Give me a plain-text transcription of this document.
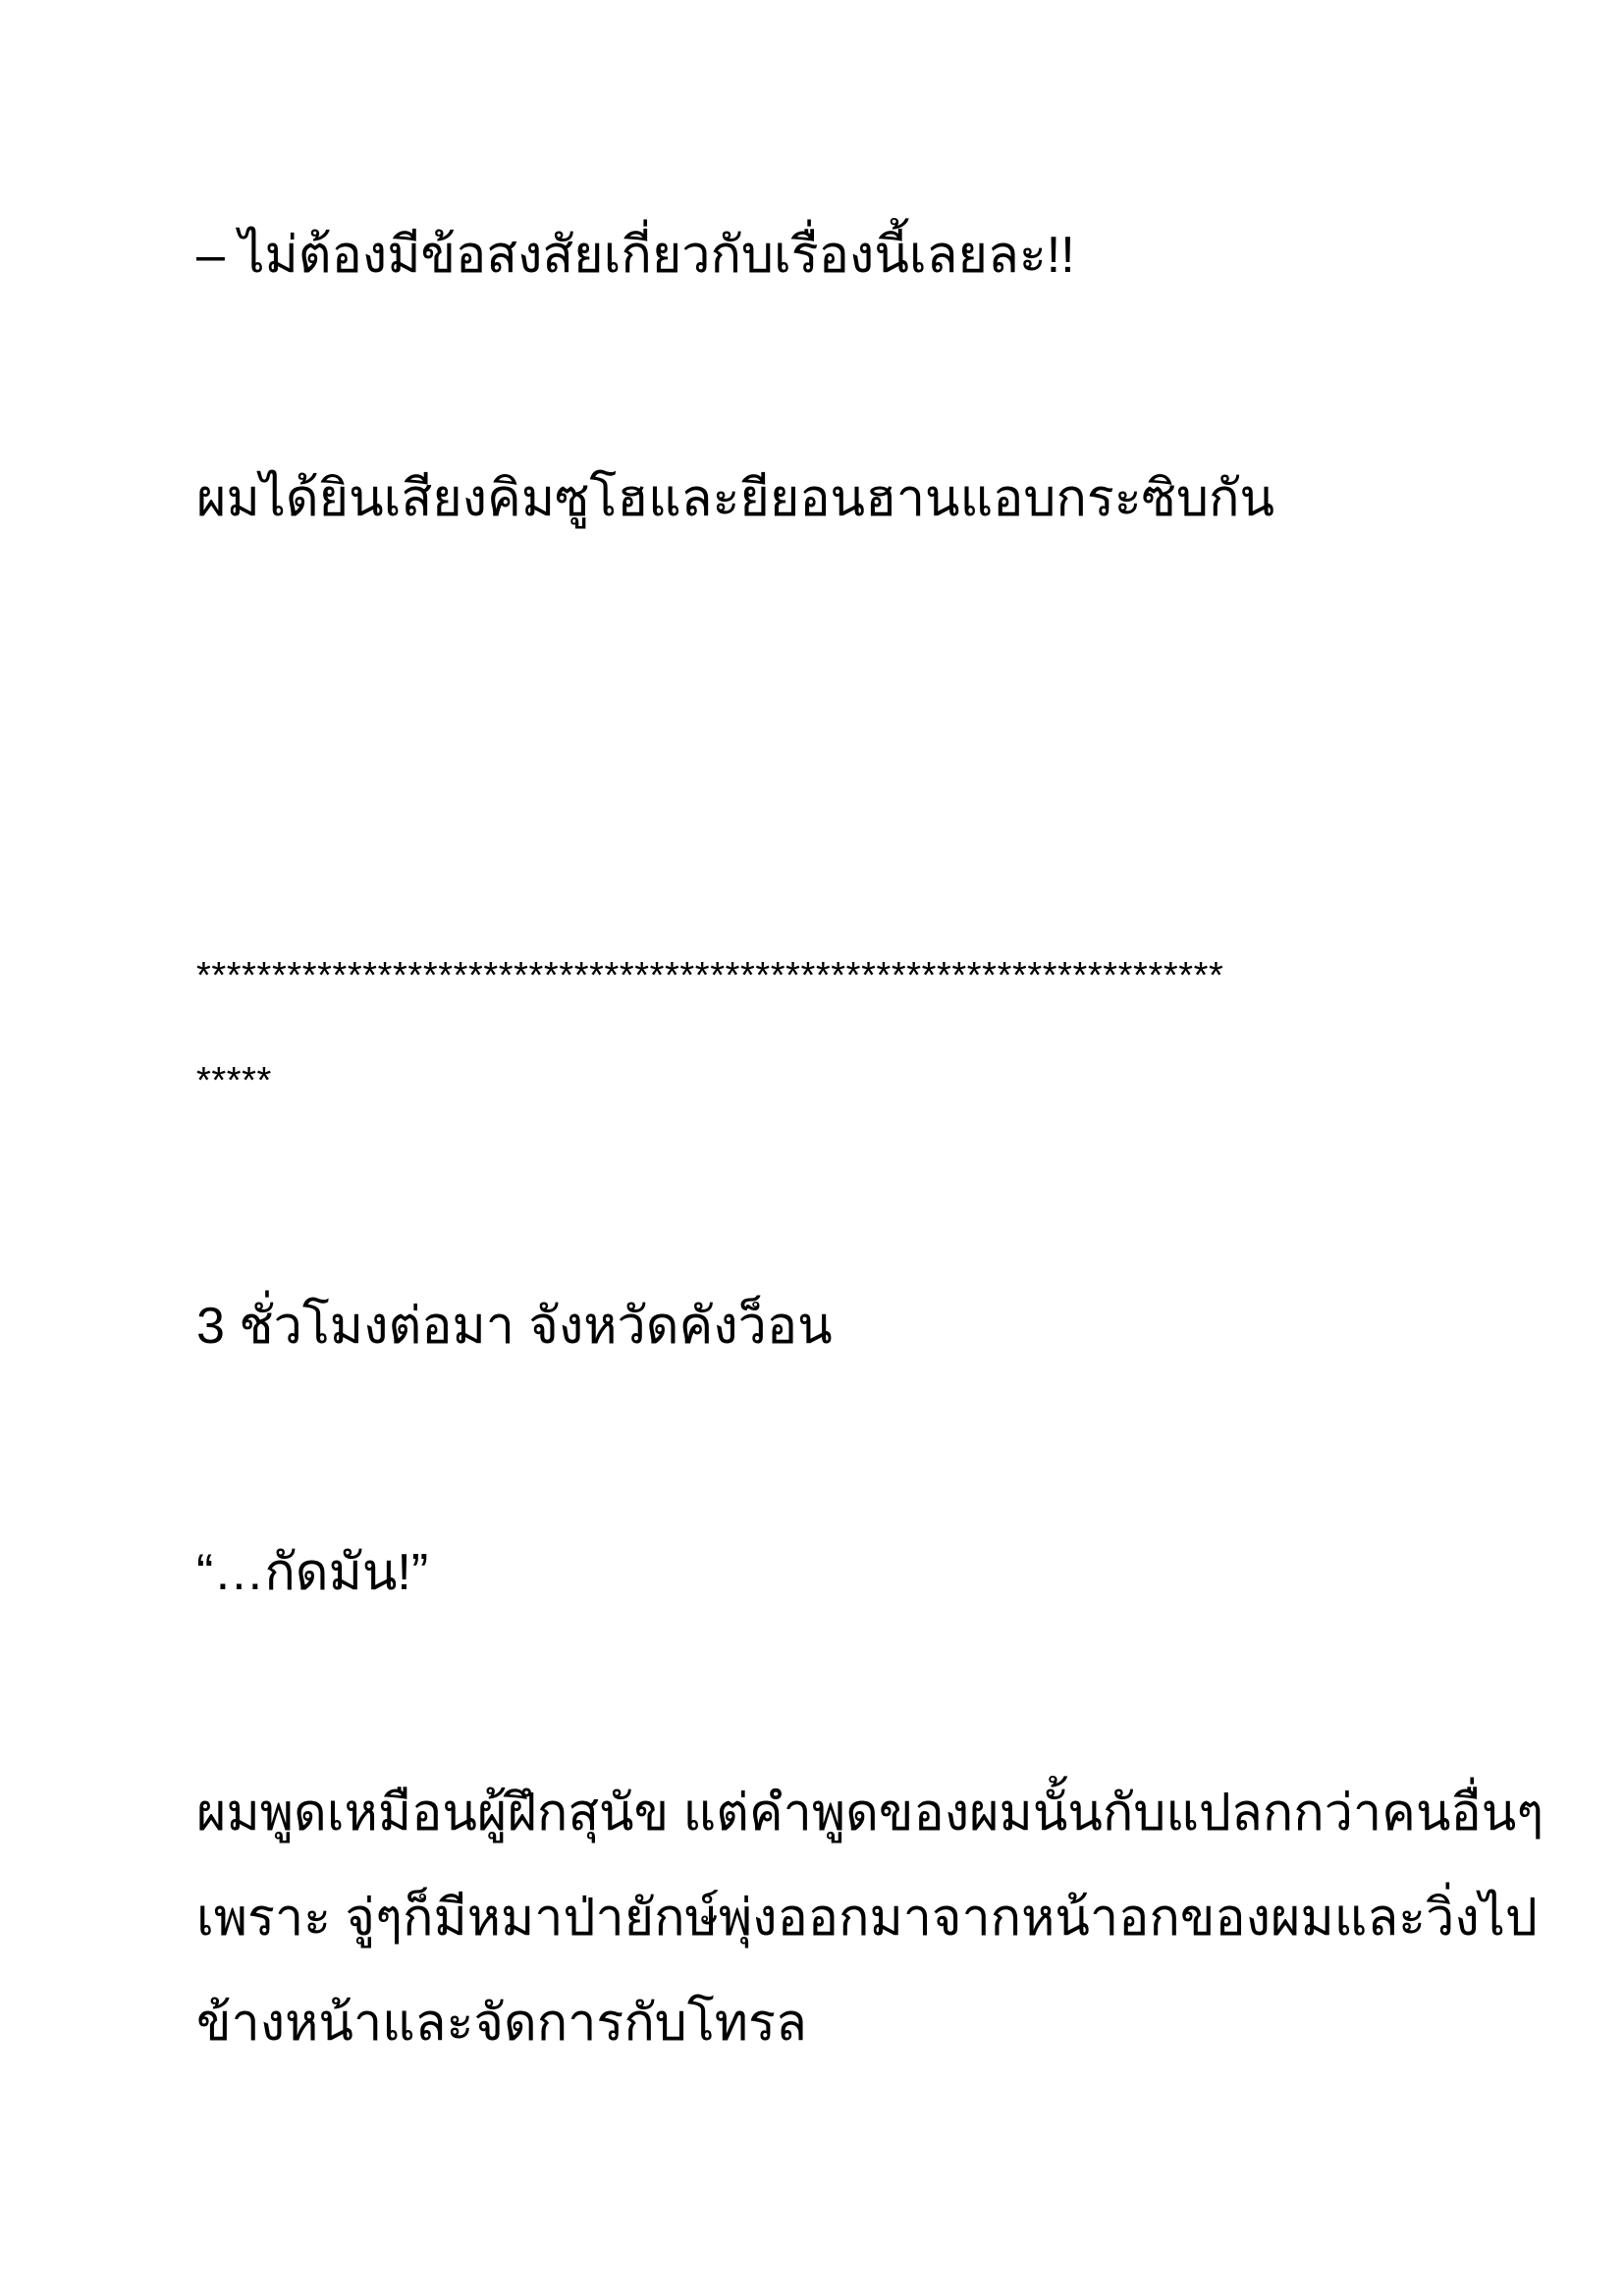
– ไม่ต้องมีข้อสงสัยเกี่ยวกับเรื่องนี้เลยละ!!
ผมได้ยินเสียงคิมซูโฮและยียอนฮานแอบกระซิบกัน
********************************************************************
*****
3 ชั่วโมงต่อมา จังหวัดคังว็อน
“…กัดมัน!”
ผมพูดเหมือนผู้ฝึกสุนัข แต่คำพูดของผมนั้นกับแปลกกว่าคนอื่นๆ
เพราะ จู่ๆก็มีหมาป่ายักษ์พุ่งออกมาจากหน้าอกของผมและวิ่งไป
ข้างหน้าและจัดการกับโทรล
